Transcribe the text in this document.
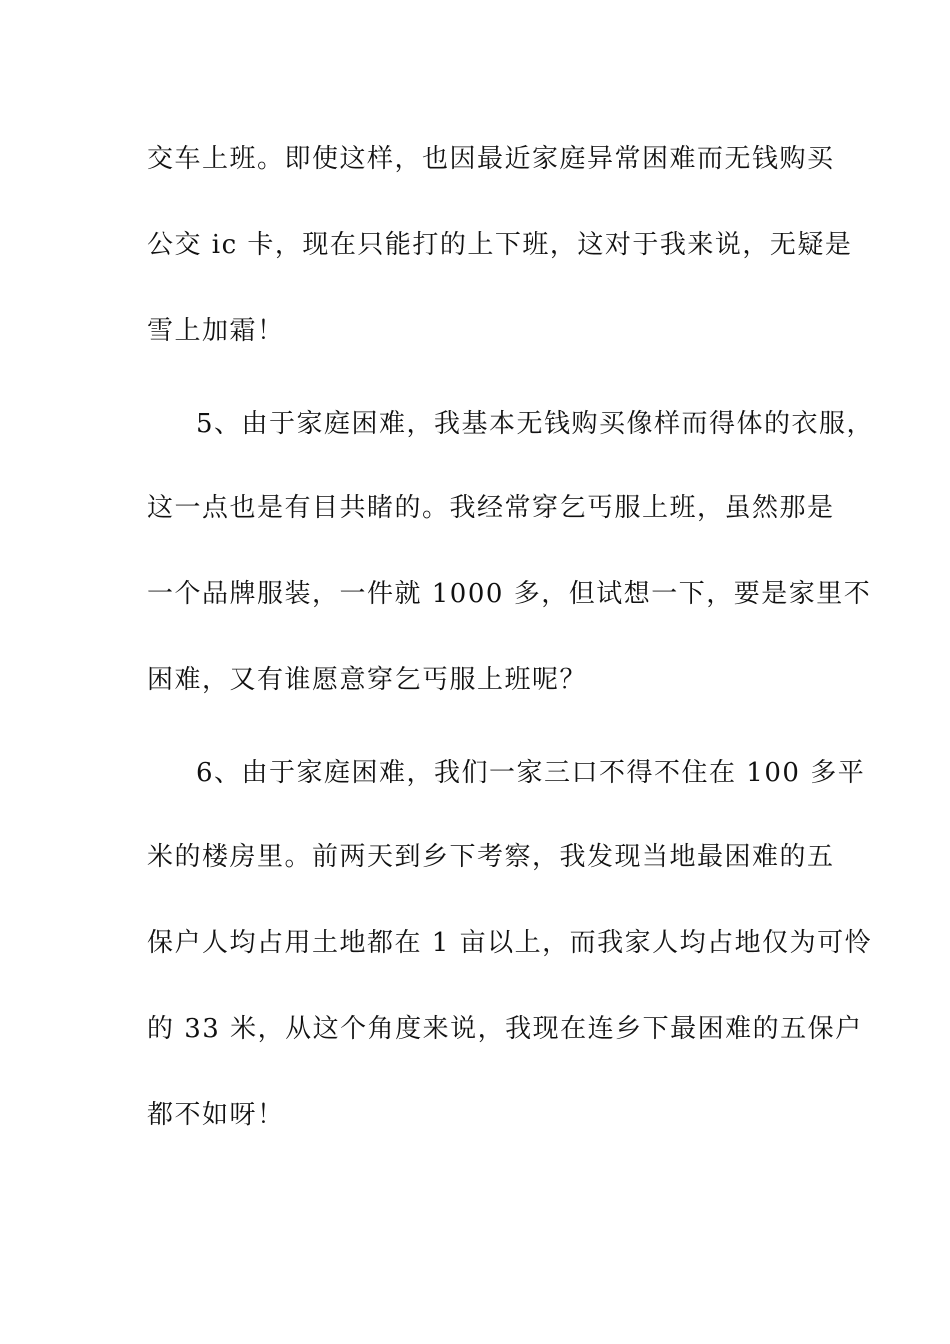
交车上班。即使这样，也因最近家庭异常困难而无钱购买
公交 ic 卡，现在只能打的上下班，这对于我来说，无疑是
雪上加霜！
5、由于家庭困难，我基本无钱购买像样而得体的衣服，
这一点也是有目共睹的。我经常穿乞丐服上班，虽然那是
一个品牌服装，一件就 1000 多，但试想一下，要是家里不
困难，又有谁愿意穿乞丐服上班呢？
6、由于家庭困难，我们一家三口不得不住在 100 多平
米的楼房里。前两天到乡下考察，我发现当地最困难的五
保户人均占用土地都在 1 亩以上，而我家人均占地仅为可怜
的 33 米，从这个角度来说，我现在连乡下最困难的五保户
都不如呀！
